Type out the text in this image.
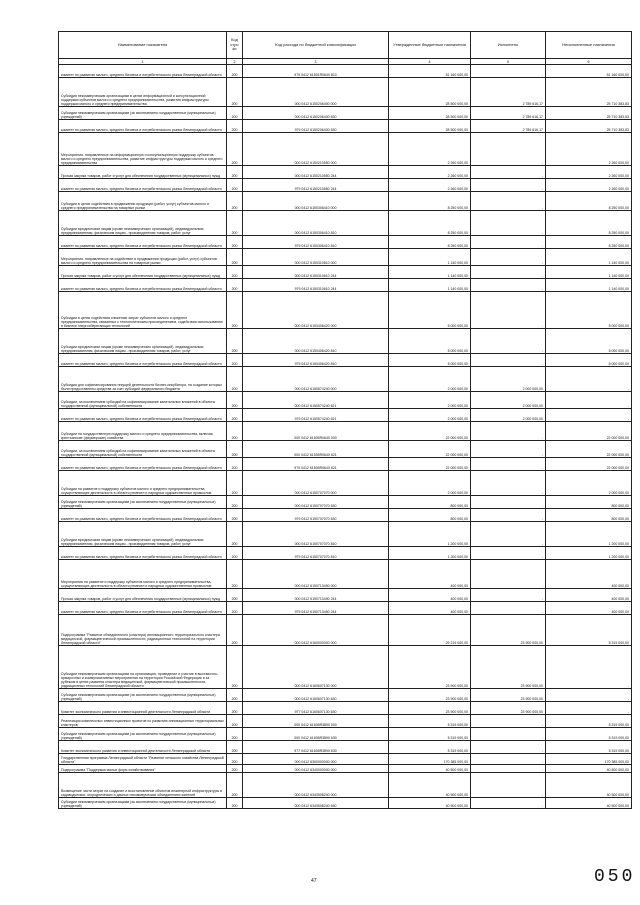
Наименование показателя	Код стро ки	Код расхода по бюджетной классификации	Утвержденные бюджетные назначения	Исполнено	Неисполненные назначения
1	2	3	4	5	6
комитет по развитию малого, среднего бизнеса и потребительского рынка Ленинградской области	200	979 0412 61501R0640 810	51 160 000,00	-	51 160 000,00
Субсидия некоммерческим организациям в целях информационной и консультационной поддержки субъектов малого и среднего предпринимательства, развития инфраструктуры поддержки малого и среднего предпринимательства	200	000 0412 6150206400 000	28 500 000,00	2 789 616,17	25 710 383,83
Субсидии некоммерческим организациям (за исключением государственных (муниципальных) учреждений)	200	000 0412 6150206400 630	28 500 000,00	2 789 616,17	25 710 383,83
комитет по развитию малого, среднего бизнеса и потребительского рынка Ленинградской области	200	979 0412 6150206400 630	28 500 000,00	2 789 616,17	25 710 383,83
Мероприятия, направленные на информационную и консультационную поддержку субъектов малого и среднего предпринимательства, развитие инфраструктуры поддержки малого и среднего предпринимательства	200	000 0412 6150210550 000	2 260 000,00	-	2 260 000,00
Прочая закупка товаров, работ и услуг для обеспечения государственных (муниципальных) нужд	200	000 0412 6150210550 244	2 260 000,00	-	2 260 000,00
комитет по развитию малого, среднего бизнеса и потребительского рынка Ленинградской области	200	979 0412 6150210550 244	2 260 000,00	-	2 260 000,00
Субсидии в целях содействия в продвижении продукции (работ, услуг) субъектов малого и среднего предпринимательства на товарные рынки	200	000 0412 6150306410 000	8 250 000,00	-	8 250 000,00
Субсидии юридическим лицам (кроме некоммерческих организаций), индивидуальным предпринимателям, физическим лицам - производителям товаров, работ, услуг	200	000 0412 6150306410 810	8 250 000,00	-	8 250 000,00
комитет по развитию малого, среднего бизнеса и потребительского рынка Ленинградской области	200	979 0412 6150306410 810	8 250 000,00	-	8 250 000,00
Мероприятия, направленные на содействие в продвижении продукции (работ, услуг) субъектов малого и среднего предпринимательства на товарные рынки	200	000 0412 6150310610 000	1 140 000,00	-	1 140 000,00
Прочая закупка товаров, работ и услуг для обеспечения государственных (муниципальных) нужд	200	000 0412 6150310610 244	1 140 000,00	-	1 140 000,00
комитет по развитию малого, среднего бизнеса и потребительского рынка Ленинградской области	200	979 0412 6150310610 244	1 140 000,00	-	1 140 000,00
Субсидии в целях содействия снижению затрат субъектов малого и среднего предпринимательства, связанных с технологическим присоединением, содействия использованию в бизнесе энергосберегающих технологий	200	000 0412 6150406420 000	5 000 000,00	-	5 000 000,00
Субсидии юридическим лицам (кроме некоммерческих организаций), индивидуальным предпринимателям, физическим лицам - производителям товаров, работ, услуг	200	000 0412 6150406420 810	5 000 000,00	-	5 000 000,00
комитет по развитию малого, среднего бизнеса и потребительского рынка Ленинградской области	200	979 0412 6150406420 810	5 000 000,00	-	5 000 000,00
Субсидия для софинансирования текущей деятельности бизнес-инкубатора, на создание которых были предоставлены средства за счет субсидий федерального бюджета	200	000 0412 6150574240 000	2 000 000,00	2 000 000,00	-
Субсидии, за исключением субсидий на софинансирование капитальных вложений в объекты государственной (муниципальной) собственности	200	000 0412 6150574240 621	2 000 000,00	2 000 000,00	-
комитет по развитию малого, среднего бизнеса и потребительского рынка Ленинградской области	200	979 0412 6150574240 621	2 000 000,00	2 000 000,00	-
Субсидии на государственную поддержку малого и среднего предпринимательства, включая крестьянские (фермерские) хозяйства	200	000 0412 61505R0640 000	22 000 000,00	-	22 000 000,00
Субсидии, за исключением субсидий на софинансирование капитальных вложений в объекты государственной (муниципальной) собственности	200	000 0412 61505R0640 621	22 000 000,00	-	22 000 000,00
комитет по развитию малого, среднего бизнеса и потребительского рынка Ленинградской области	200	979 0412 61505R0640 621	22 000 000,00	-	22 000 000,00
Субсидии на развитие и поддержку субъектов малого и среднего предпринимательства, осуществляющих деятельность в области ремесел и народных художественных промыслов	200	000 0412 6150707070 000	2 000 000,00	-	2 000 000,00
Субсидии некоммерческим организациям (за исключением государственных (муниципальных) учреждений)	200	000 0412 6150707070 630	800 000,00	-	800 000,00
комитет по развитию малого, среднего бизнеса и потребительского рынка Ленинградской области	200	979 0412 6150707070 630	800 000,00	-	800 000,00
Субсидии юридическим лицам (кроме некоммерческих организаций), индивидуальным предпринимателям, физическим лицам - производителям товаров, работ, услуг	200	000 0412 6150707070 810	1 200 000,00	-	1 200 000,00
комитет по развитию малого, среднего бизнеса и потребительского рынка Ленинградской области	200	979 0412 6150707070 810	1 200 000,00	-	1 200 000,00
Мероприятия на развитие и поддержку субъектов малого и среднего предпринимательства, осуществляющих деятельность в области ремесел и народных художественных промыслов	200	000 0412 6150713490 000	400 000,00	-	400 000,00
Прочая закупка товаров, работ и услуг для обеспечения государственных (муниципальных) нужд	200	000 0412 6150713490 244	400 000,00	-	400 000,00
комитет по развитию малого, среднего бизнеса и потребительского рынка Ленинградской области	200	979 0412 6150713490 244	400 000,00	-	400 000,00
Подпрограмма "Развитие объединенного (кластера) инновационного территориального кластера медицинской, фармацевтической промышленности, радиационных технологий на территории Ленинградской области"	200	000 0412 6160000000 000	29 219 000,00	23 900 000,00	5 319 000,00
Субсидии некоммерческим организациям на организацию, проведение и участие в выставочно-ярмарочных и коммуникативных мероприятиях на территории Российской Федерации и за рубежом в целях развития кластера медицинской, фармацевтической промышленности, радиационных технологий Ленинградской области	200	000 0412 6160607130 000	23 900 000,00	23 900 000,00	-
Субсидии некоммерческим организациям (за исключением государственных (муниципальных) учреждений)	200	000 0412 6160607130 630	23 900 000,00	23 900 000,00	-
Комитет экономического развития и инвестиционной деятельности Ленинградской области	200	977 0412 6160607130 630	23 900 000,00	23 900 000,00	-
Реализация комплексных инвестиционных проектов по развитию инновационных территориальных кластеров	200	000 0412 61605R3890 000	5 319 000,00	-	5 319 000,00
Субсидии некоммерческим организациям (за исключением государственных (муниципальных) учреждений)	200	000 0412 61605R3890 630	5 319 000,00	-	5 319 000,00
Комитет экономического развития и инвестиционной деятельности Ленинградской области	200	977 0412 61605R3890 630	5 319 000,00	-	5 319 000,00
Государственная программа Ленинградской области "Развитие сельского хозяйства Ленинградской области"	200	000 0412 6300000000 000	170 385 000,00	-	170 385 000,00
Подпрограмма "Поддержка малых форм хозяйствования"	200	000 0412 6340000000 000	40 500 000,00	-	40 500 000,00
Возмещение части затрат на создание и восстановление объектов инженерной инфраструктуры в садоводческих, огороднических и дачных некоммерческих объединениях жителей	200	000 0412 6340508240 000	40 500 000,00	-	40 500 000,00
Субсидии некоммерческим организациям (за исключением государственных (муниципальных) учреждений)	200	000 0412 6340508240 630	40 500 000,00	-	40 500 000,00
47	050
